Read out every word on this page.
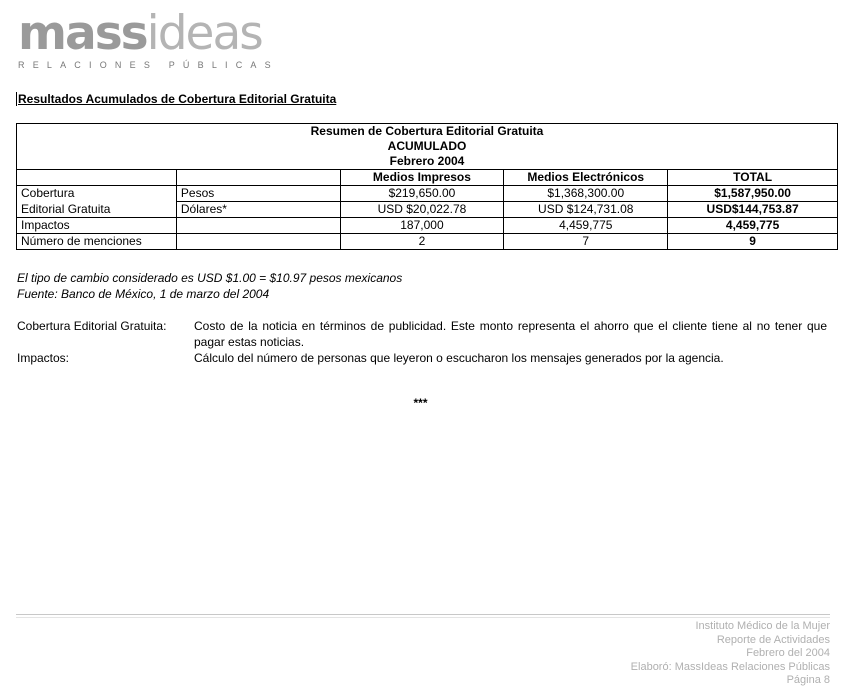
massideas
RELACIONES PÚBLICAS
Resultados Acumulados de Cobertura Editorial Gratuita
Resumen de Cobertura Editorial Gratuita
ACUMULADO
Febrero 2004				

		Medios Impresos	Medios Electrónicos	TOTAL
Cobertura	Pesos	$219,650.00	$1,368,300.00	$1,587,950.00
Editorial Gratuita	Dólares*	USD $20,022.78	USD $124,731.08	USD$144,753.87
Impactos		187,000	4,459,775	4,459,775
Número de menciones		2	7	9
El tipo de cambio considerado es USD $1.00 = $10.97 pesos mexicanos
Fuente: Banco de México, 1 de marzo del 2004
Cobertura Editorial Gratuita:	Costo de la noticia en términos de publicidad. Este monto representa el ahorro que el cliente tiene al no tener que pagar estas noticias.
Impactos:	Cálculo del número de personas que leyeron o escucharon los mensajes generados por la agencia.
***
Instituto Médico de la Mujer
Reporte de Actividades
Febrero del 2004
Elaboró: MassIdeas Relaciones Públicas
Página 8
